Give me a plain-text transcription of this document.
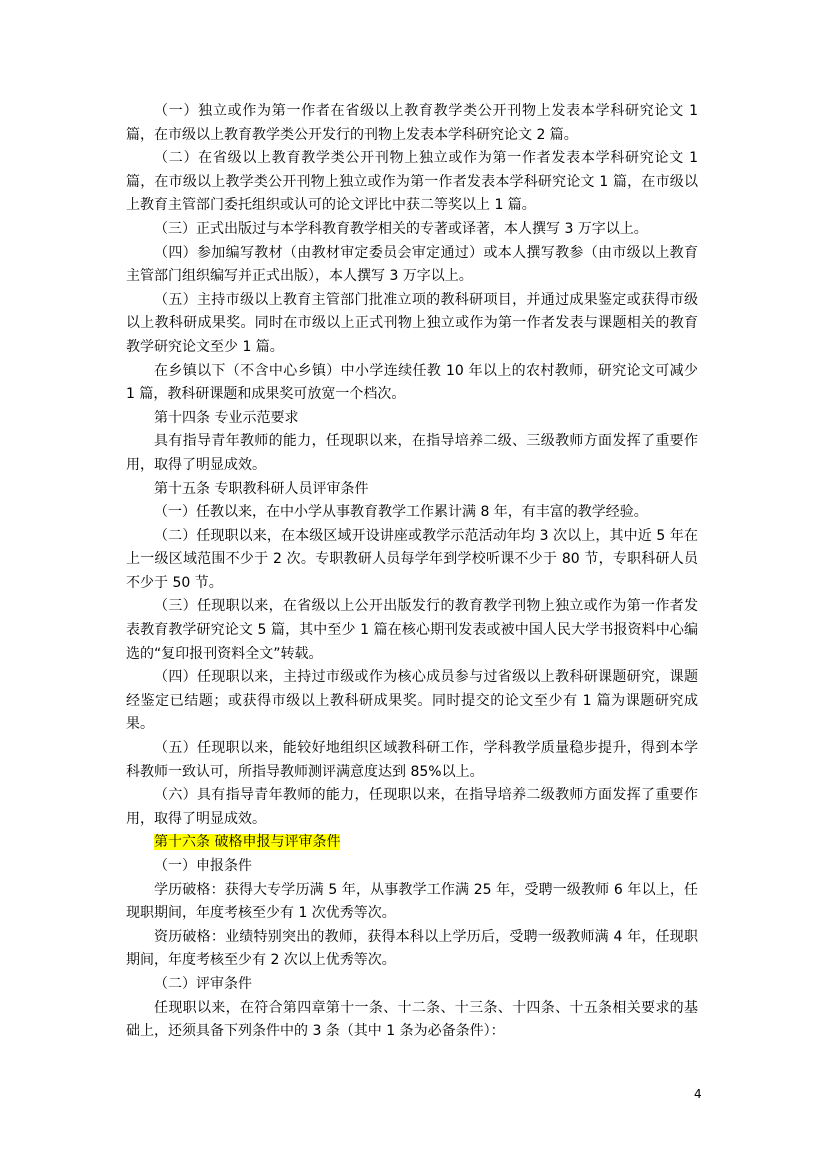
（一）独立或作为第一作者在省级以上教育教学类公开刊物上发表本学科研究论文 1 篇，在市级以上教育教学类公开发行的刊物上发表本学科研究论文 2 篇。

（二）在省级以上教育教学类公开刊物上独立或作为第一作者发表本学科研究论文 1 篇，在市级以上教学类公开刊物上独立或作为第一作者发表本学科研究论文 1 篇，在市级以上教育主管部门委托组织或认可的论文评比中获二等奖以上 1 篇。

（三）正式出版过与本学科教育教学相关的专著或译著，本人撰写 3 万字以上。

（四）参加编写教材（由教材审定委员会审定通过）或本人撰写教参（由市级以上教育主管部门组织编写并正式出版），本人撰写 3 万字以上。

（五）主持市级以上教育主管部门批准立项的教科研项目，并通过成果鉴定或获得市级以上教科研成果奖。同时在市级以上正式刊物上独立或作为第一作者发表与课题相关的教育教学研究论文至少 1 篇。

在乡镇以下（不含中心乡镇）中小学连续任教 10 年以上的农村教师，研究论文可减少 1 篇，教科研课题和成果奖可放宽一个档次。

第十四条 专业示范要求

具有指导青年教师的能力，任现职以来，在指导培养二级、三级教师方面发挥了重要作用，取得了明显成效。

第十五条 专职教科研人员评审条件

（一）任教以来，在中小学从事教育教学工作累计满 8 年，有丰富的教学经验。

（二）任现职以来，在本级区域开设讲座或教学示范活动年均 3 次以上，其中近 5 年在上一级区域范围不少于 2 次。专职教研人员每学年到学校听课不少于 80 节，专职科研人员不少于 50 节。

（三）任现职以来，在省级以上公开出版发行的教育教学刊物上独立或作为第一作者发表教育教学研究论文 5 篇，其中至少 1 篇在核心期刊发表或被中国人民大学书报资料中心编选的“复印报刊资料全文”转载。

（四）任现职以来，主持过市级或作为核心成员参与过省级以上教科研课题研究，课题经鉴定已结题；或获得市级以上教科研成果奖。同时提交的论文至少有 1 篇为课题研究成果。

（五）任现职以来，能较好地组织区域教科研工作，学科教学质量稳步提升，得到本学科教师一致认可，所指导教师测评满意度达到 85%以上。

（六）具有指导青年教师的能力，任现职以来，在指导培养二级教师方面发挥了重要作用，取得了明显成效。

第十六条 破格申报与评审条件

（一）申报条件

学历破格：获得大专学历满 5 年，从事教学工作满 25 年，受聘一级教师 6 年以上，任现职期间，年度考核至少有 1 次优秀等次。

资历破格：业绩特别突出的教师，获得本科以上学历后，受聘一级教师满 4 年，任现职期间，年度考核至少有 2 次以上优秀等次。

（二）评审条件

任现职以来，在符合第四章第十一条、十二条、十三条、十四条、十五条相关要求的基础上，还须具备下列条件中的 3 条（其中 1 条为必备条件）：

4
